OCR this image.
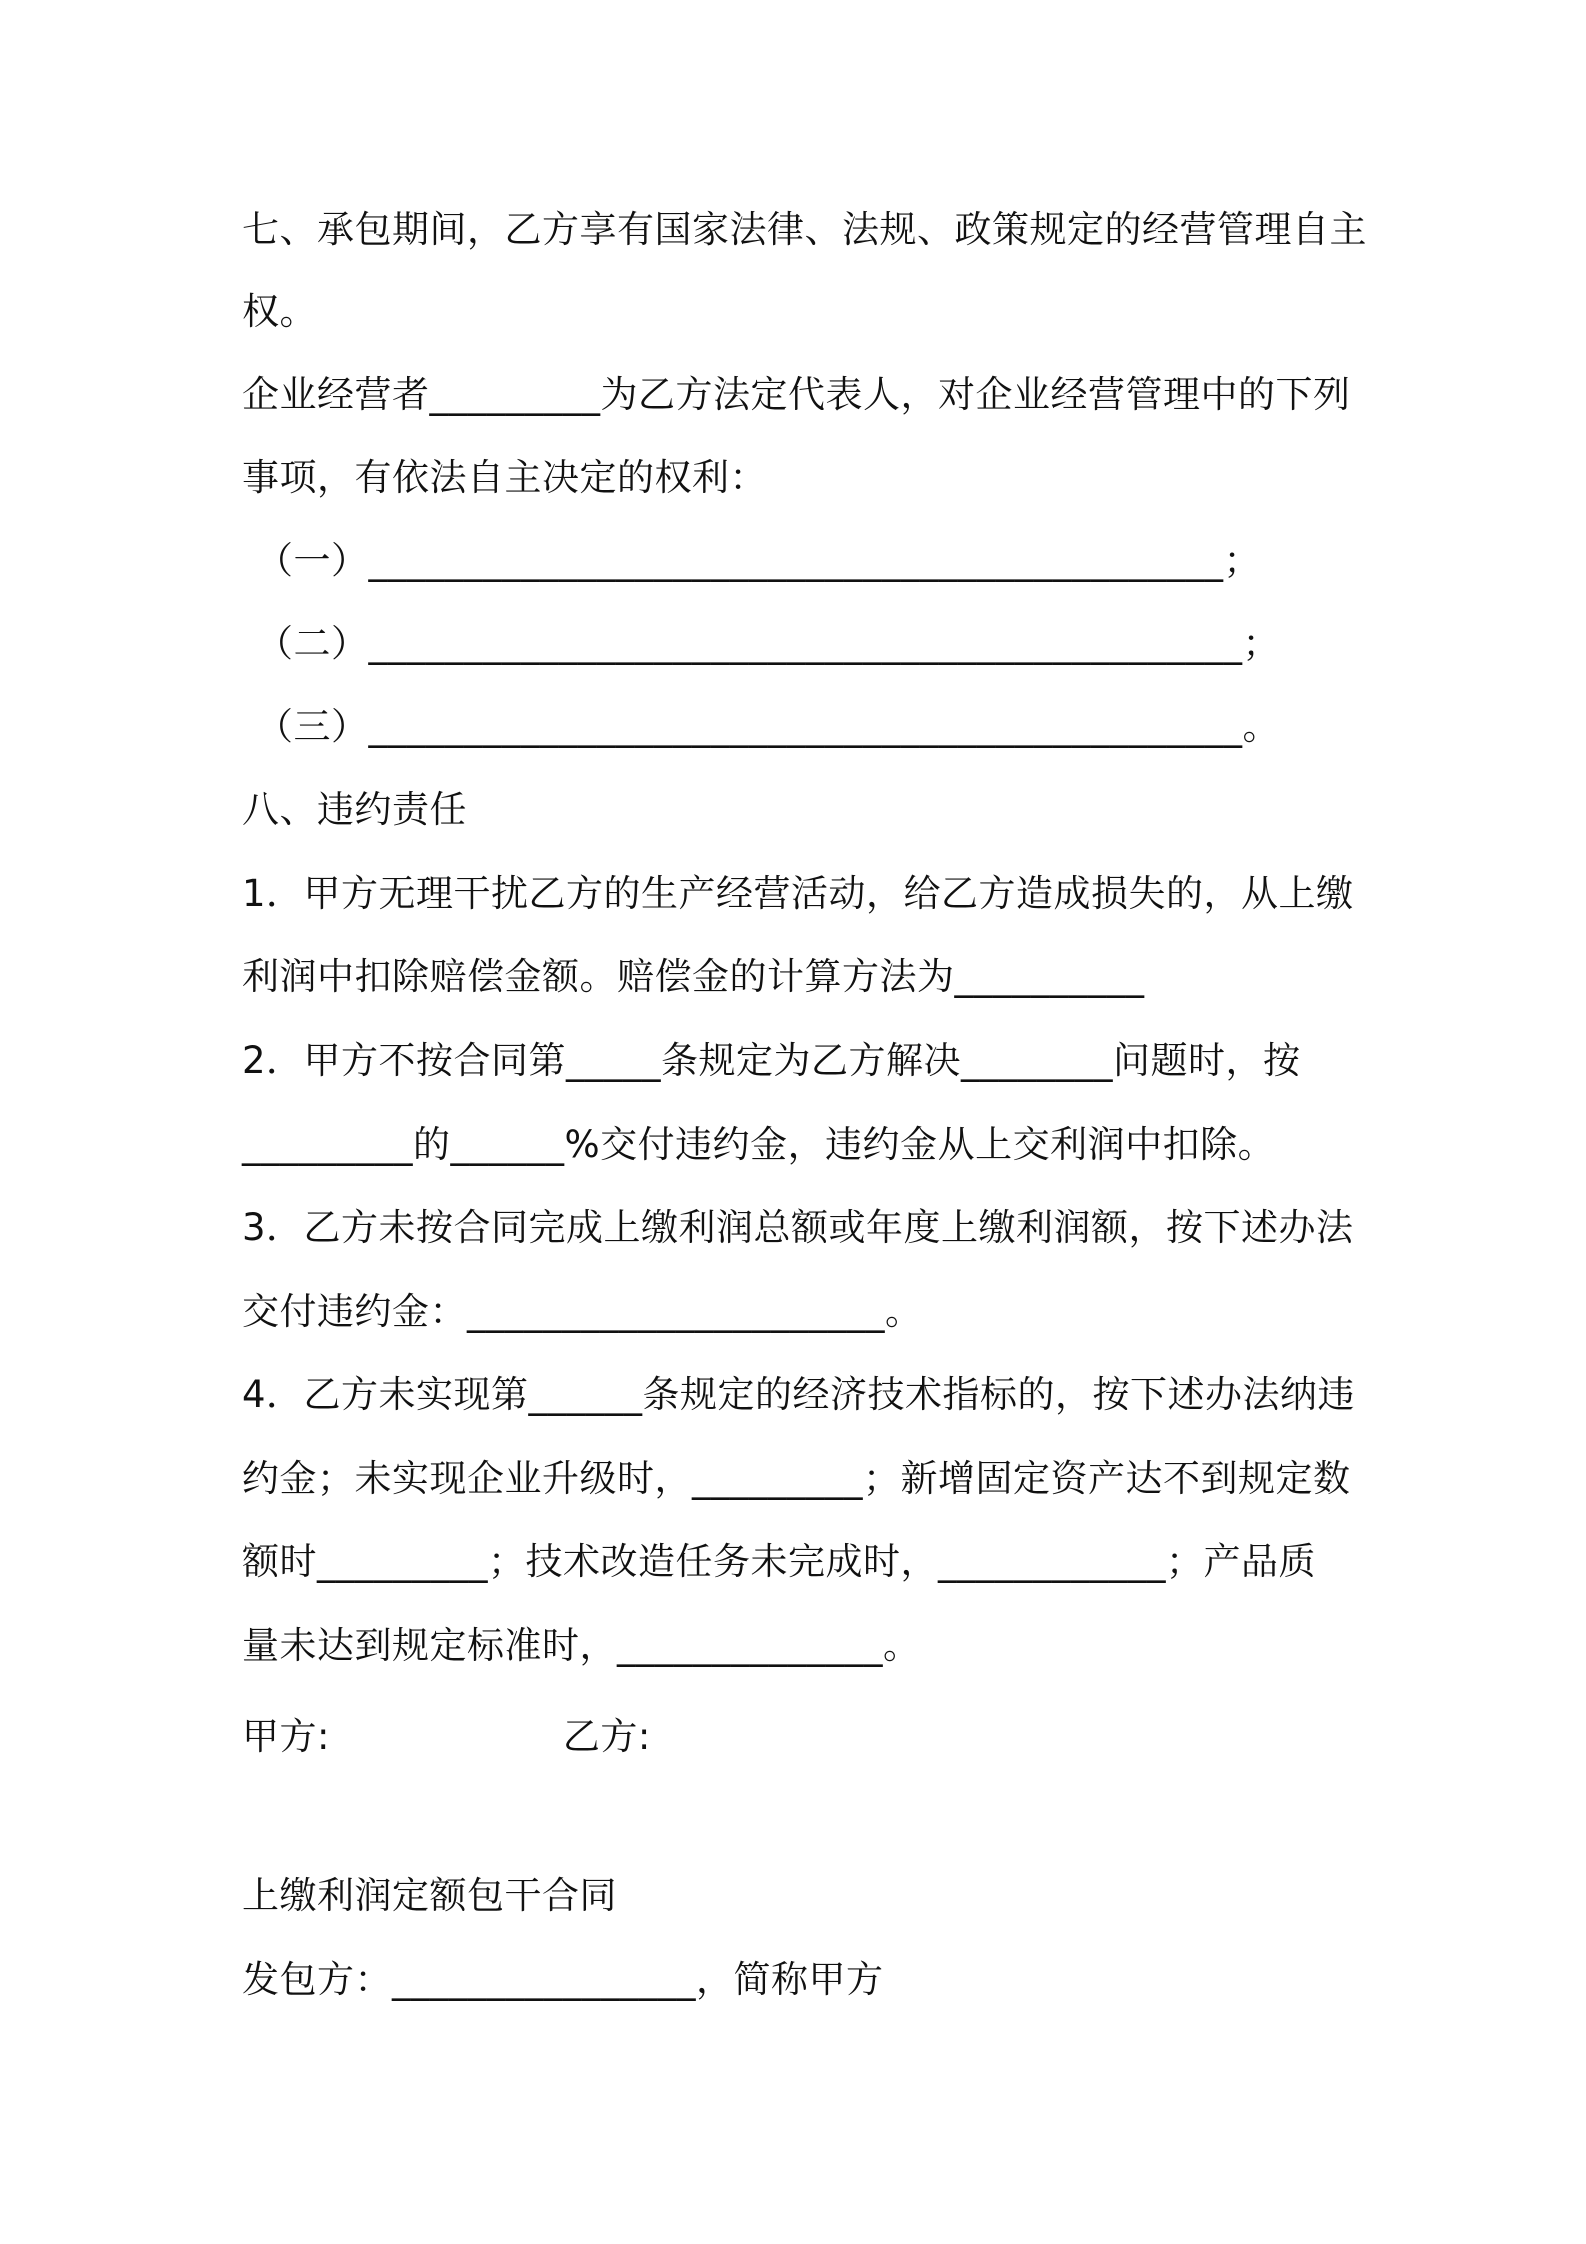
七、承包期间，乙方享有国家法律、法规、政策规定的经营管理自主

权。

企业经营者_________为乙方法定代表人，对企业经营管理中的下列

事项，有依法自主决定的权利：

（一）_____________________________________________；

（二）______________________________________________；

（三）______________________________________________。

八、违约责任

1．甲方无理干扰乙方的生产经营活动，给乙方造成损失的，从上缴

利润中扣除赔偿金额。赔偿金的计算方法为__________

2．甲方不按合同第_____条规定为乙方解决________问题时，按

_________的______%交付违约金，违约金从上交利润中扣除。

3．乙方未按合同完成上缴利润总额或年度上缴利润额，按下述办法

交付违约金：______________________。

4．乙方未实现第______条规定的经济技术指标的，按下述办法纳违

约金；未实现企业升级时，_________；新增固定资产达不到规定数

额时_________；技术改造任务未完成时，____________；产品质

量未达到规定标准时，______________。

甲方:                   乙方:

上缴利润定额包干合同

发包方：________________，简称甲方
